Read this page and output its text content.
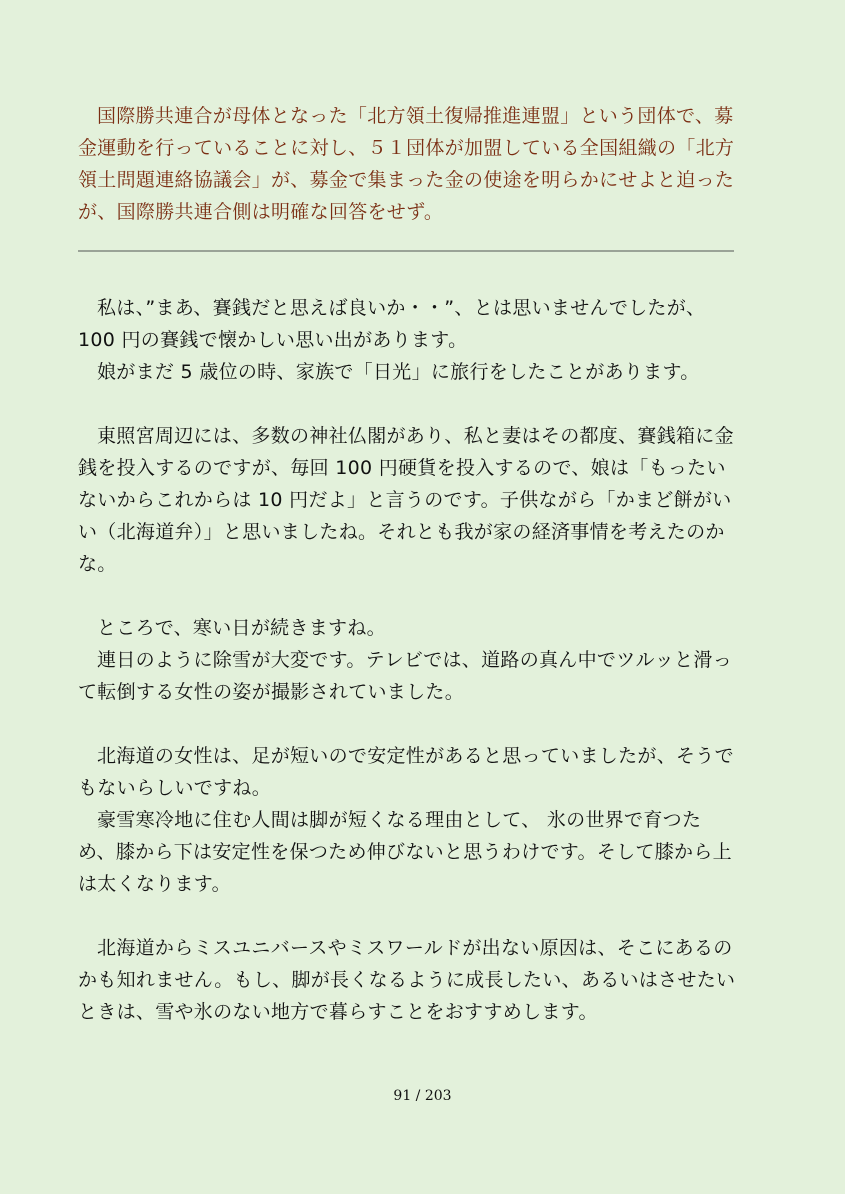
国際勝共連合が母体となった「北方領土復帰推進連盟」という団体で、募金運動を行っていることに対し、５１団体が加盟している全国組織の「北方領土問題連絡協議会」が、募金で集まった金の使途を明らかにせよと迫ったが、国際勝共連合側は明確な回答をせず。

私は、”まあ、賽銭だと思えば良いか・・”、とは思いませんでしたが、100 円の賽銭で懐かしい思い出があります。

娘がまだ 5 歳位の時、家族で「日光」に旅行をしたことがあります。

東照宮周辺には、多数の神社仏閣があり、私と妻はその都度、賽銭箱に金銭を投入するのですが、毎回 100 円硬貨を投入するので、娘は「もったいないからこれからは 10 円だよ」と言うのです。子供ながら「かまど餅がいい（北海道弁）」と思いましたね。それとも我が家の経済事情を考えたのかな。

ところで、寒い日が続きますね。

連日のように除雪が大変です。テレビでは、道路の真ん中でツルッと滑って転倒する女性の姿が撮影されていました。

北海道の女性は、足が短いので安定性があると思っていましたが、そうでもないらしいですね。

豪雪寒冷地に住む人間は脚が短くなる理由として、 氷の世界で育つため、膝から下は安定性を保つため伸びないと思うわけです。そして膝から上は太くなります。

北海道からミスユニバースやミスワールドが出ない原因は、そこにあるのかも知れません。もし、脚が長くなるように成長したい、あるいはさせたいときは、雪や氷のない地方で暮らすことをおすすめします。

91 / 203
